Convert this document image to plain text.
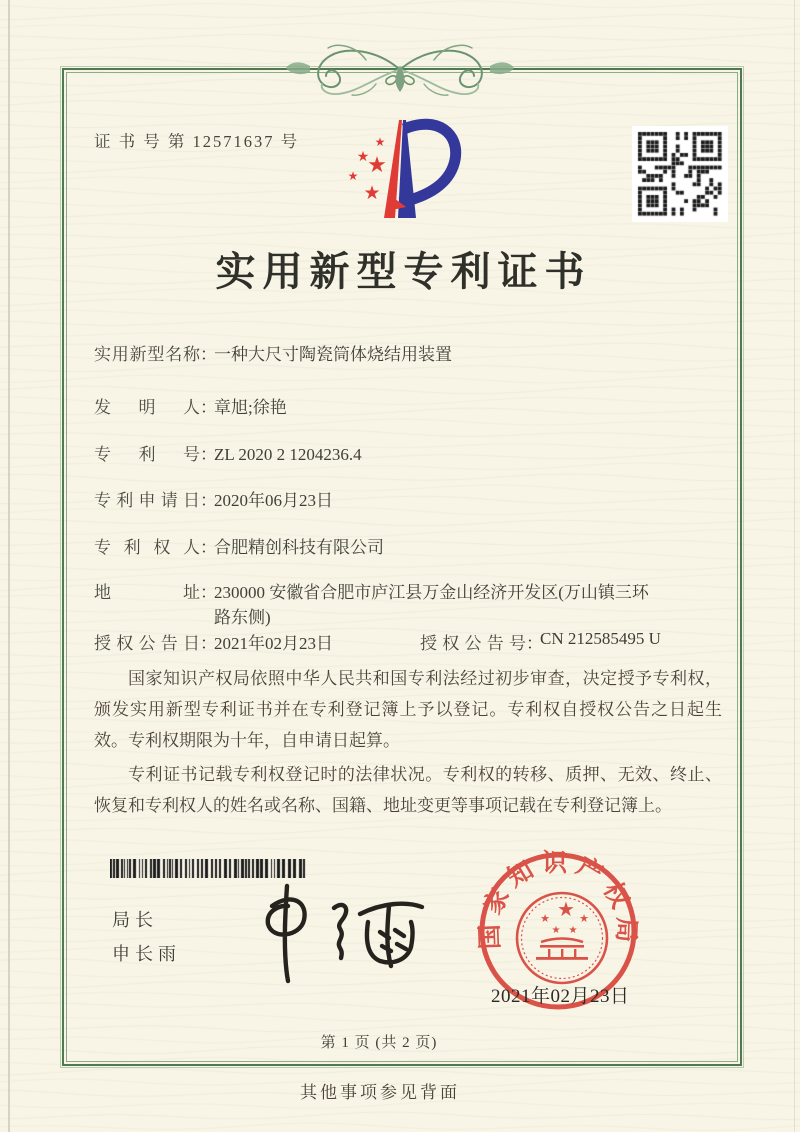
证 书 号 第 12571637 号	★
★
★
★
★
实用新型专利证书
实用新型名称 ：
一种大尺寸陶瓷筒体烧结用装置
发明人 ：
章旭;徐艳
专利号 ：
ZL 2020 2 1204236.4
专利申请日 ：
2020年06月23日
专利权人 ：
合肥精创科技有限公司
地址 ：
230000 安徽省合肥市庐江县万金山经济开发区(万山镇三环路东侧)
授权公告日 ：
2021年02月23日	授权公告号 ：
CN 212585495 U

国家知识产权局依照中华人民共和国专利法经过初步审查，决定授予专利权，颁发实用新型专利证书并在专利登记簿上予以登记。专利权自授权公告之日起生效。专利权期限为十年，自申请日起算。

专利证书记载专利权登记时的法律状况。专利权的转移、质押、无效、终止、恢复和专利权人的姓名或名称、国籍、地址变更等事项记载在专利登记簿上。

局长
申长雨
国家知识产权局
★
★	★
★ ★
2021年02月23日
第 1 页 (共 2 页)
其他事项参见背面
